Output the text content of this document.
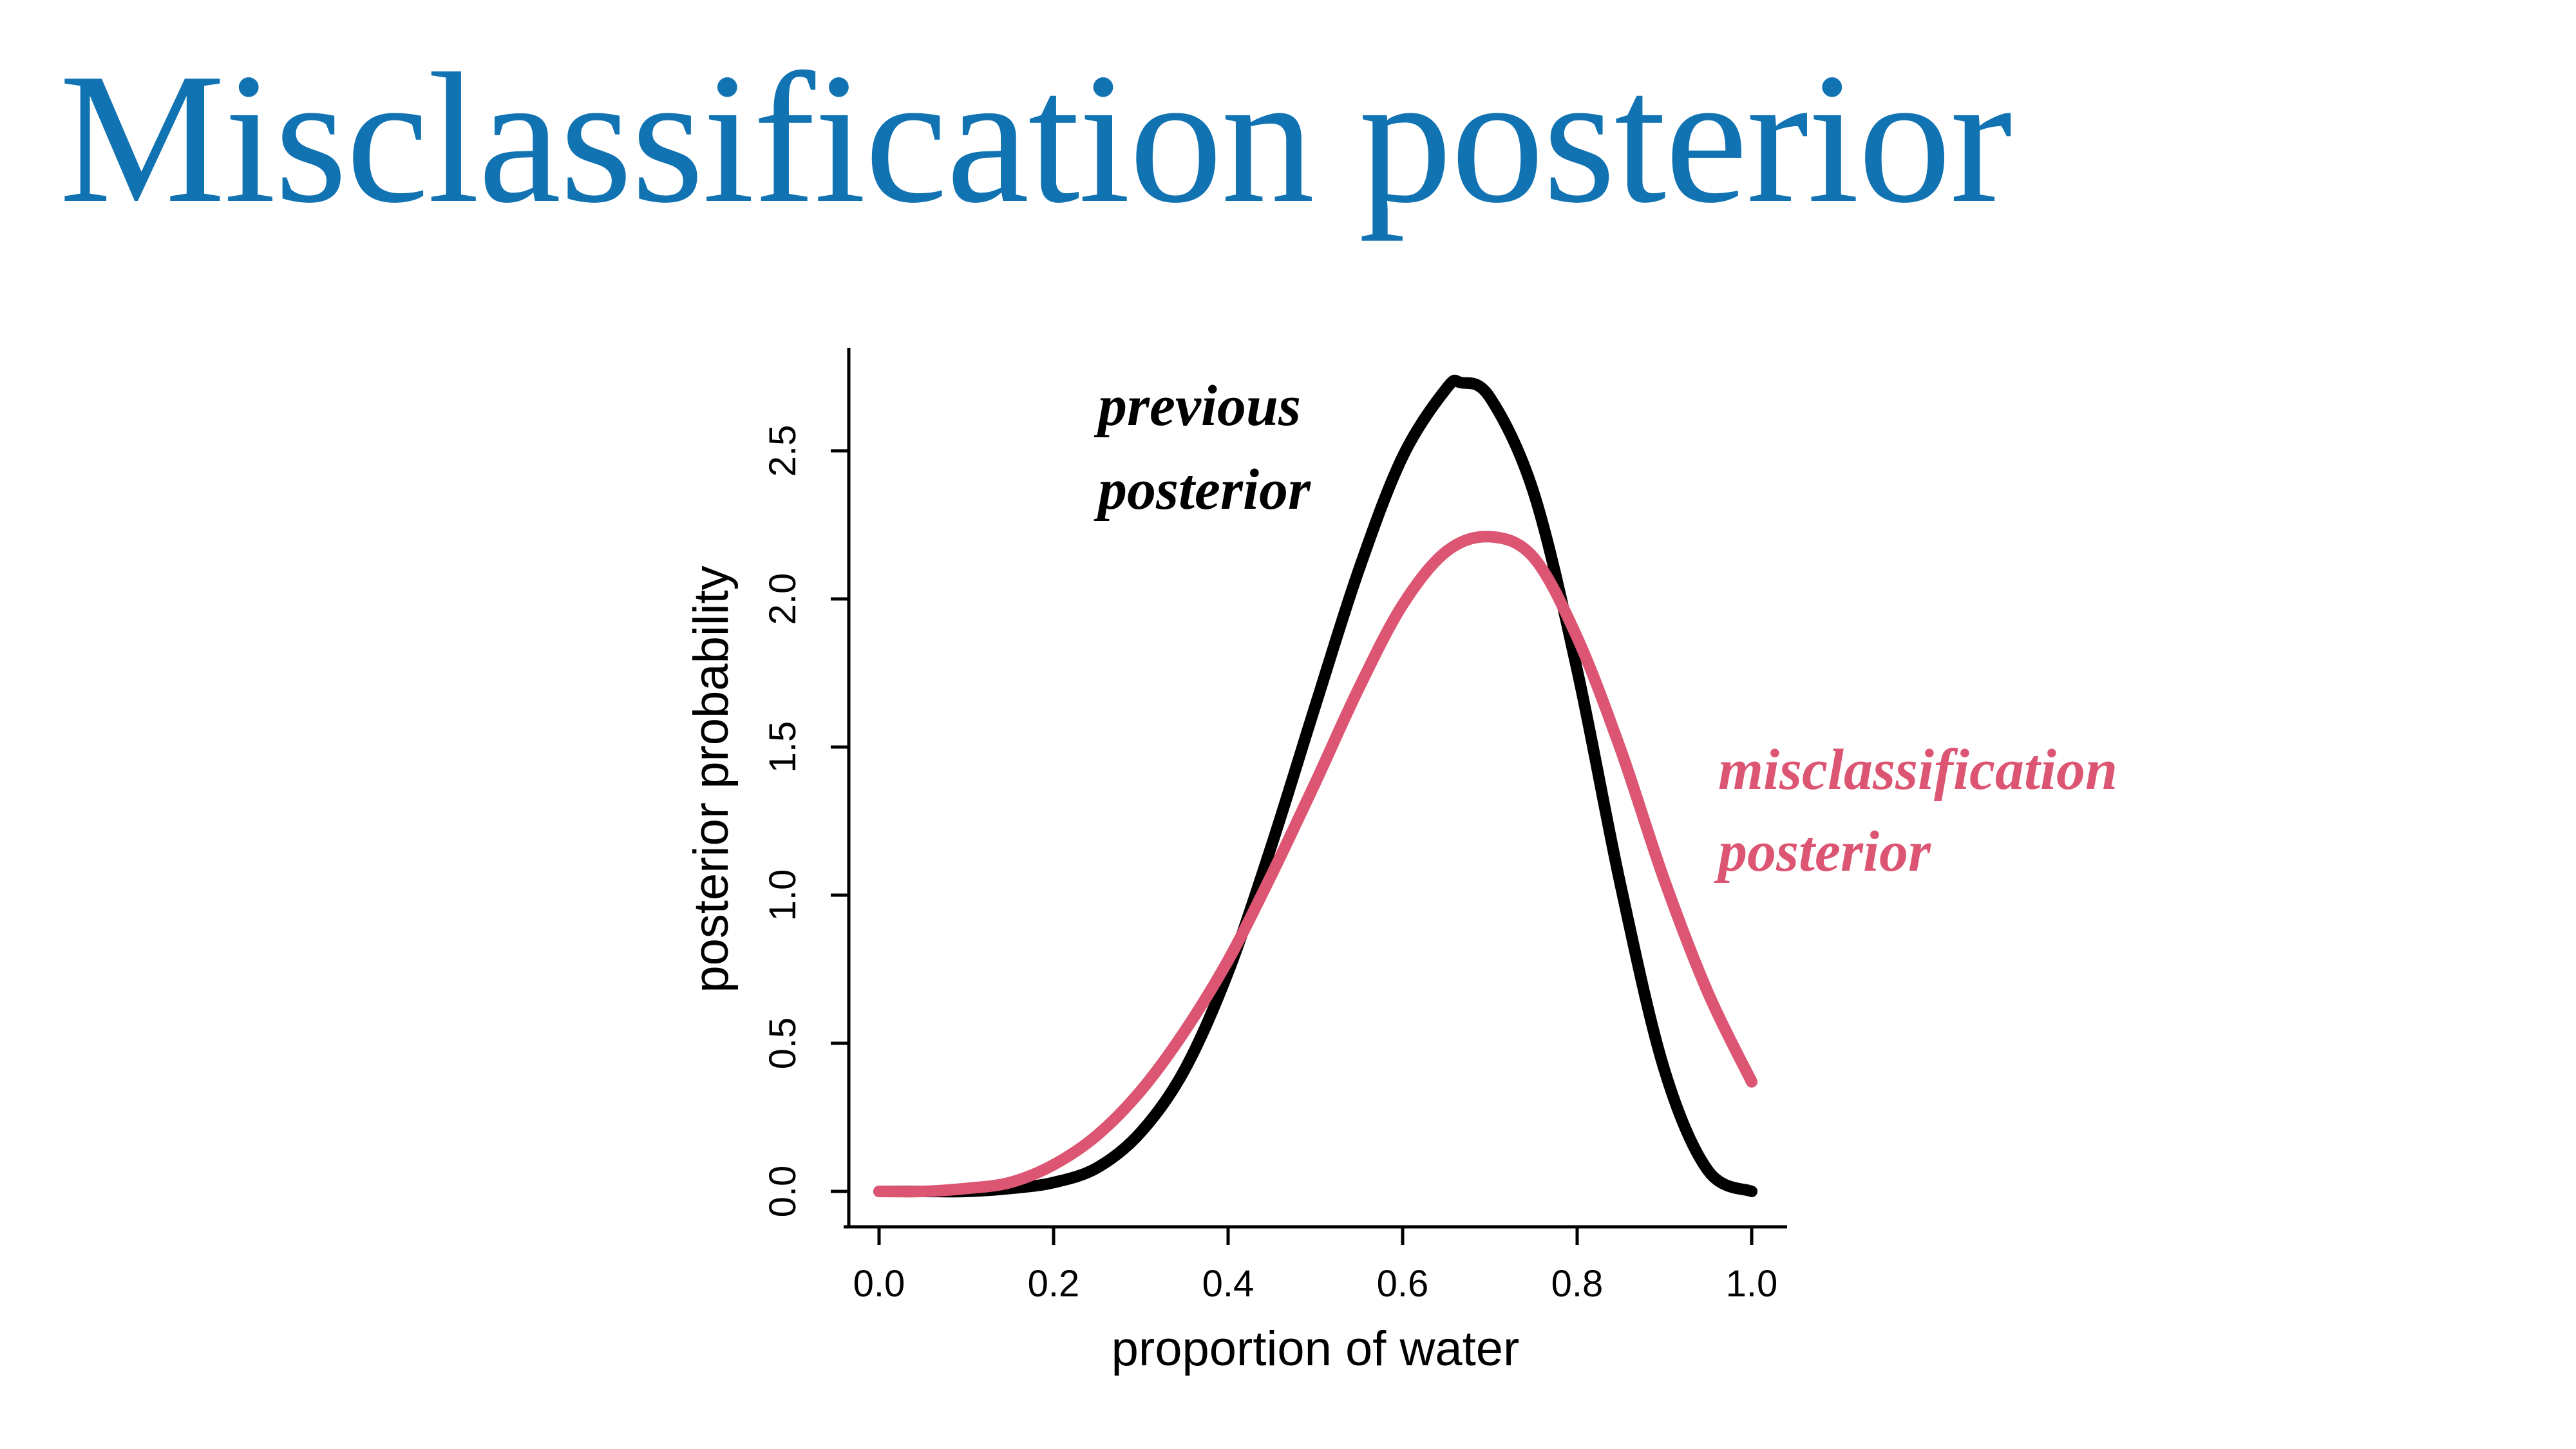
Misclassification posterior
0.0	0.2	0.4	0.6	0.8	1.0
0.0
0.5
1.0
1.5
2.0
2.5
proportion of water
posterior probability
previous posterior
misclassification posterior
